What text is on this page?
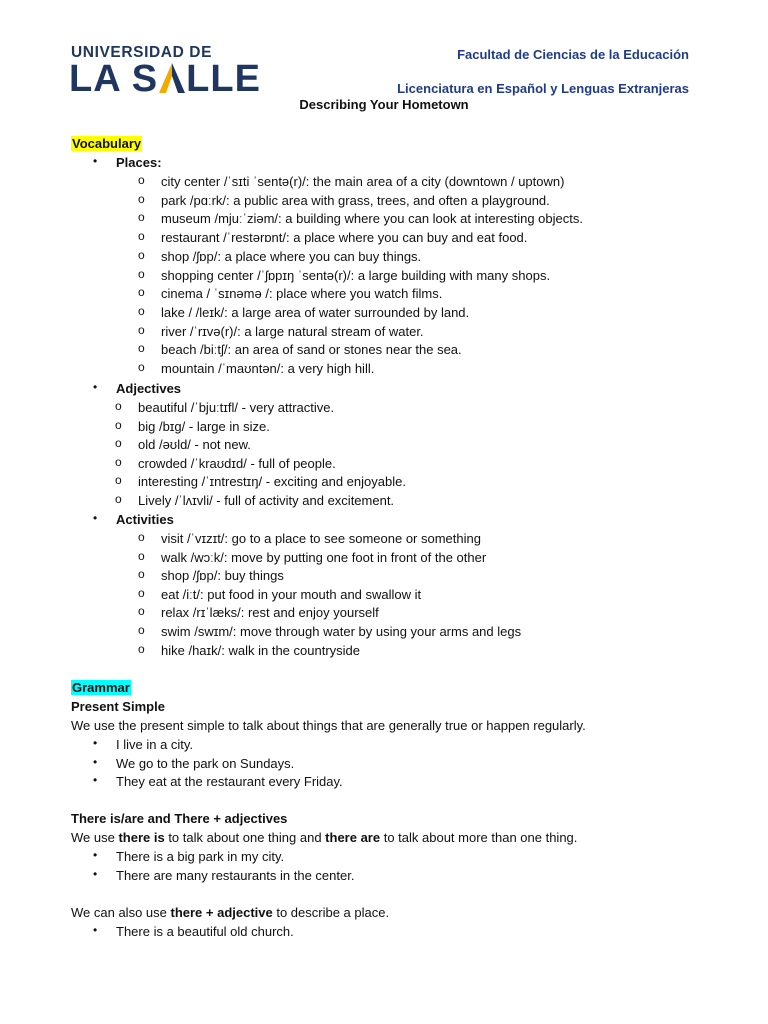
UNIVERSIDAD DE
LA S LLE
Facultad de Ciencias de la Educación
Licenciatura en Español y Lenguas Extranjeras
Describing Your Hometown
Vocabulary
• Places:
o city center /ˈsɪti ˈsentə(r)/: the main area of a city (downtown / uptown)
o park /pɑːrk/: a public area with grass, trees, and often a playground.
o museum /mjuːˈziəm/: a building where you can look at interesting objects.
o restaurant /ˈrestərɒnt/: a place where you can buy and eat food.
o shop /ʃɒp/: a place where you can buy things.
o shopping center /ˈʃɒpɪŋ ˈsentə(r)/: a large building with many shops.
o cinema / ˈsɪnəmə /: place where you watch films.
o lake / /leɪk/: a large area of water surrounded by land.
o river /ˈrɪvə(r)/: a large natural stream of water.
o beach /biːtʃ/: an area of sand or stones near the sea.
o mountain /ˈmaʊntən/: a very high hill.
• Adjectives
o beautiful /ˈbjuːtɪfl/ - very attractive.
o big /bɪg/ - large in size.
o old /əʊld/ - not new.
o crowded /ˈkraʊdɪd/ - full of people.
o interesting /ˈɪntrestɪŋ/ - exciting and enjoyable.
o Lively /ˈlʌɪvli/ - full of activity and excitement.
• Activities
o visit /ˈvɪzɪt/: go to a place to see someone or something
o walk /wɔːk/: move by putting one foot in front of the other
o shop /ʃɒp/: buy things
o eat /iːt/: put food in your mouth and swallow it
o relax /rɪˈlæks/: rest and enjoy yourself
o swim /swɪm/: move through water by using your arms and legs
o hike /haɪk/: walk in the countryside
Grammar
Present Simple
We use the present simple to talk about things that are generally true or happen regularly.
• I live in a city.
• We go to the park on Sundays.
• They eat at the restaurant every Friday.
There is/are and There + adjectives
We use there is to talk about one thing and there are to talk about more than one thing.
• There is a big park in my city.
• There are many restaurants in the center.
We can also use there + adjective to describe a place.
• There is a beautiful old church.
